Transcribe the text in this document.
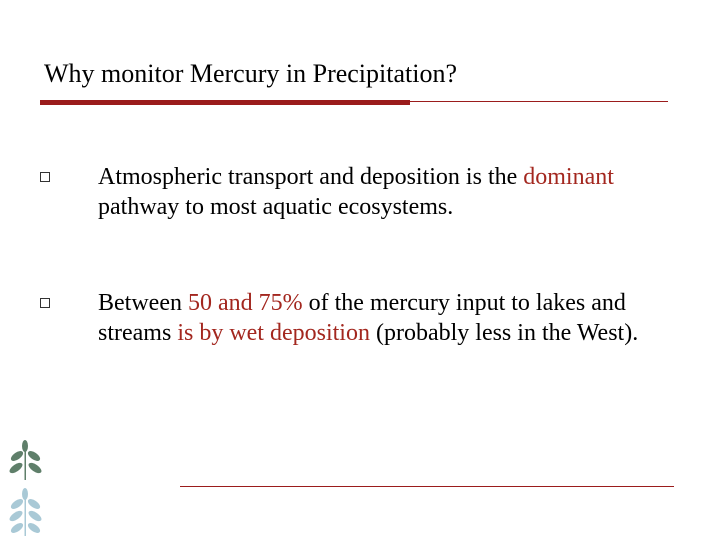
Why monitor Mercury in Precipitation?
Atmospheric transport and deposition is the dominant pathway to most aquatic ecosystems.
Between 50 and 75% of the mercury input to lakes and streams is by wet deposition (probably less in the West).
